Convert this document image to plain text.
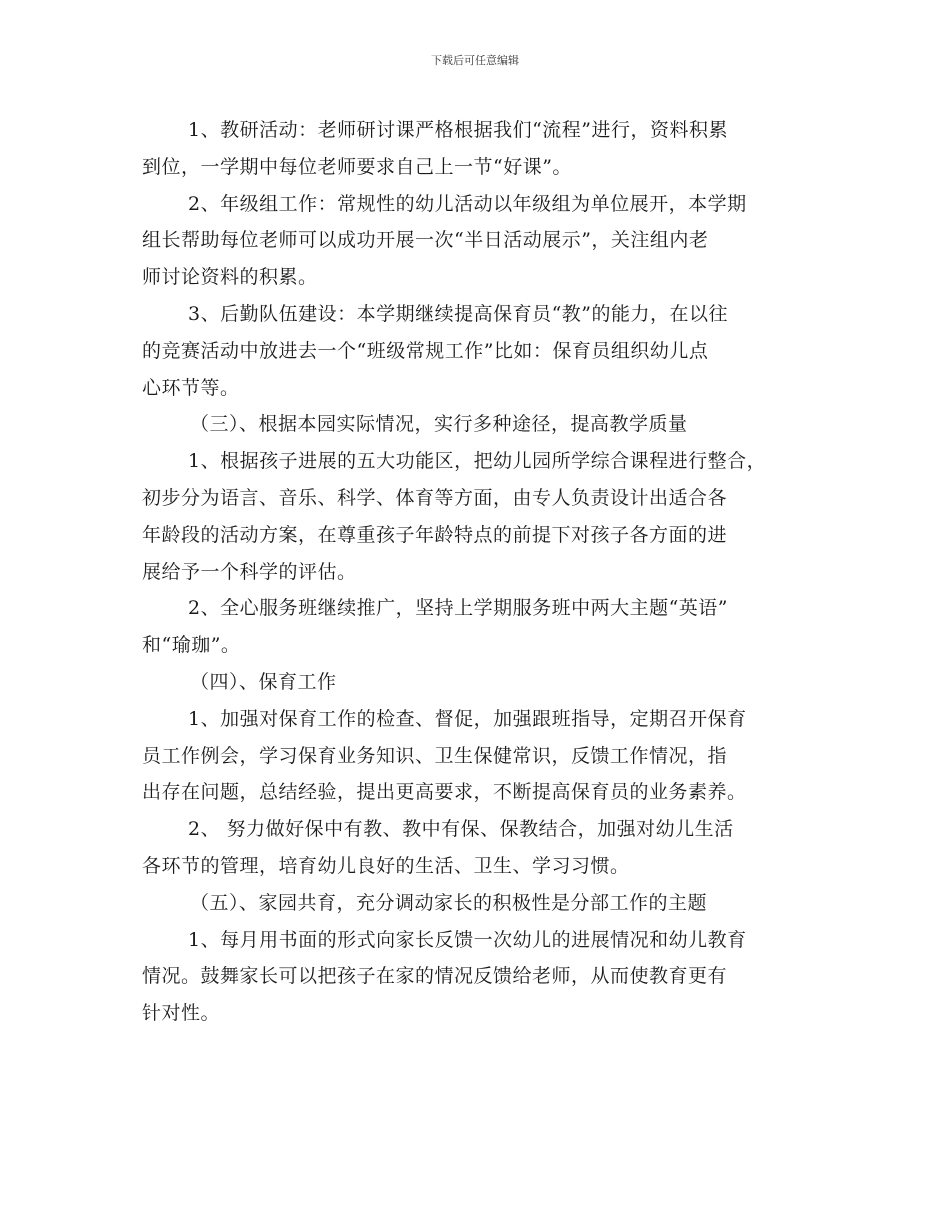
下载后可任意编辑
1、教研活动：老师研讨课严格根据我们“流程”进行，资料积累
到位，一学期中每位老师要求自己上一节“好课”。
2、年级组工作：常规性的幼儿活动以年级组为单位展开，本学期
组长帮助每位老师可以成功开展一次“半日活动展示”，关注组内老
师讨论资料的积累。
3、后勤队伍建设：本学期继续提高保育员“教”的能力，在以往
的竞赛活动中放进去一个“班级常规工作”比如：保育员组织幼儿点
心环节等。
（三）、根据本园实际情况，实行多种途径，提高教学质量
1、根据孩子进展的五大功能区，把幼儿园所学综合课程进行整合，
初步分为语言、音乐、科学、体育等方面，由专人负责设计出适合各
年龄段的活动方案，在尊重孩子年龄特点的前提下对孩子各方面的进
展给予一个科学的评估。
2、全心服务班继续推广，坚持上学期服务班中两大主题“英语”
和“瑜珈”。
（四）、保育工作
1、加强对保育工作的检查、督促，加强跟班指导，定期召开保育
员工作例会，学习保育业务知识、卫生保健常识，反馈工作情况，指
出存在问题，总结经验，提出更高要求，不断提高保育员的业务素养。
2、 努力做好保中有教、教中有保、保教结合，加强对幼儿生活
各环节的管理，培育幼儿良好的生活、卫生、学习习惯。
（五）、家园共育，充分调动家长的积极性是分部工作的主题
1、每月用书面的形式向家长反馈一次幼儿的进展情况和幼儿教育
情况。鼓舞家长可以把孩子在家的情况反馈给老师，从而使教育更有
针对性。
